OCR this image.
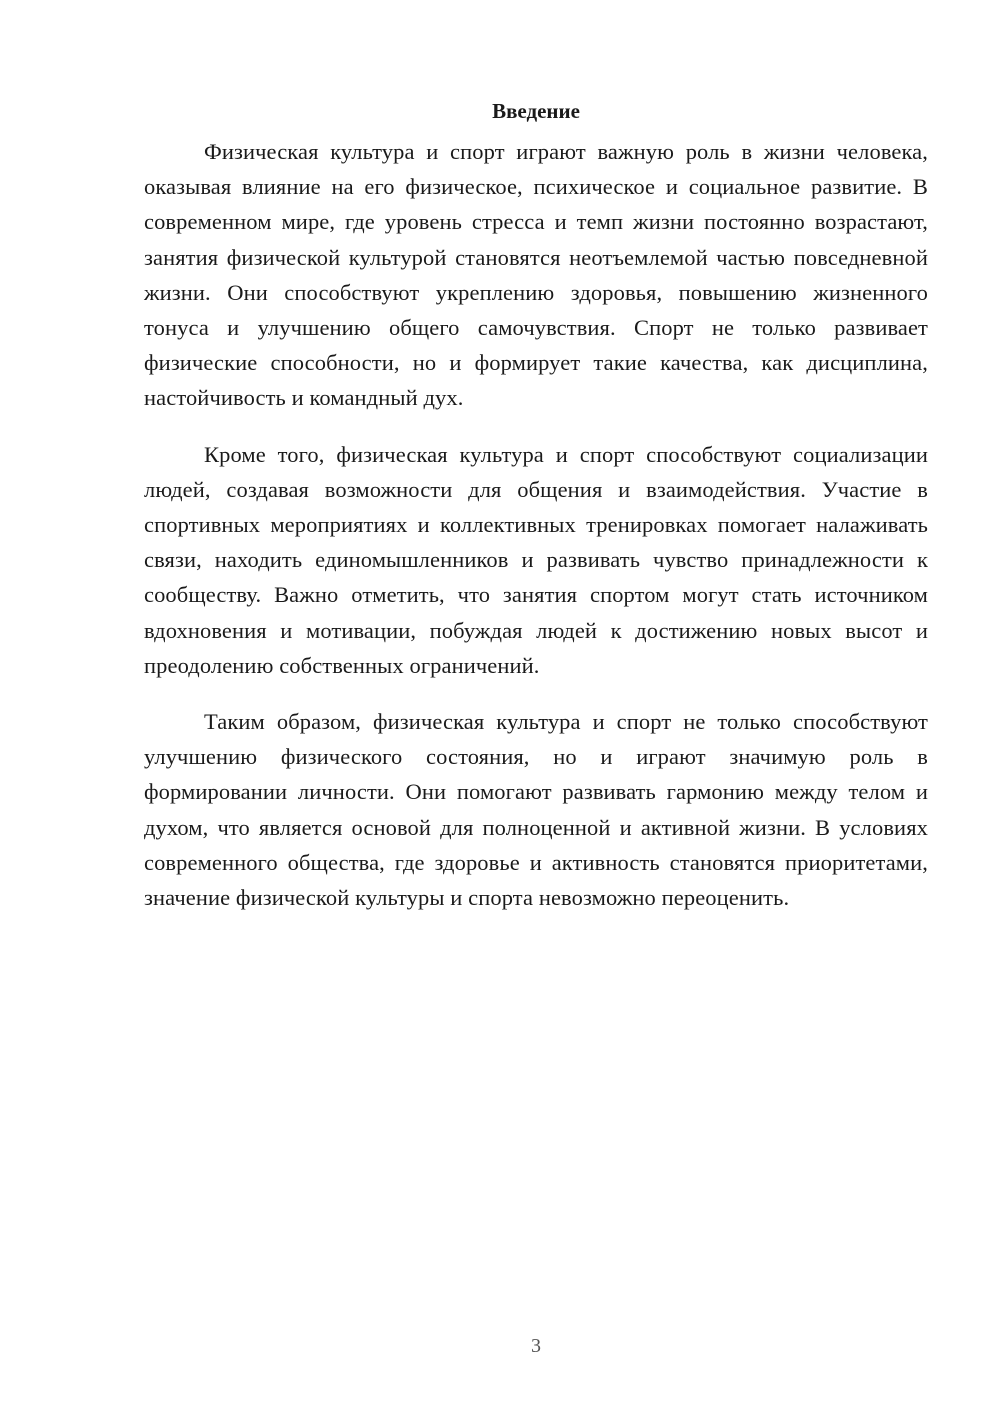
Введение

Физическая культура и спорт играют важную роль в жизни человека, оказывая влияние на его физическое, психическое и социальное развитие. В современном мире, где уровень стресса и темп жизни постоянно возрастают, занятия физической культурой становятся неотъемлемой частью повседневной жизни. Они способствуют укреплению здоровья, повышению жизненного тонуса и улучшению общего самочувствия. Спорт не только развивает физические способности, но и формирует такие качества, как дисциплина, настойчивость и командный дух.

Кроме того, физическая культура и спорт способствуют социализации людей, создавая возможности для общения и взаимодействия. Участие в спортивных мероприятиях и коллективных тренировках помогает налаживать связи, находить единомышленников и развивать чувство принадлежности к сообществу. Важно отметить, что занятия спортом могут стать источником вдохновения и мотивации, побуждая людей к достижению новых высот и преодолению собственных ограничений.

Таким образом, физическая культура и спорт не только способствуют улучшению физического состояния, но и играют значимую роль в формировании личности. Они помогают развивать гармонию между телом и духом, что является основой для полноценной и активной жизни. В условиях современного общества, где здоровье и активность становятся приоритетами, значение физической культуры и спорта невозможно переоценить.

3
